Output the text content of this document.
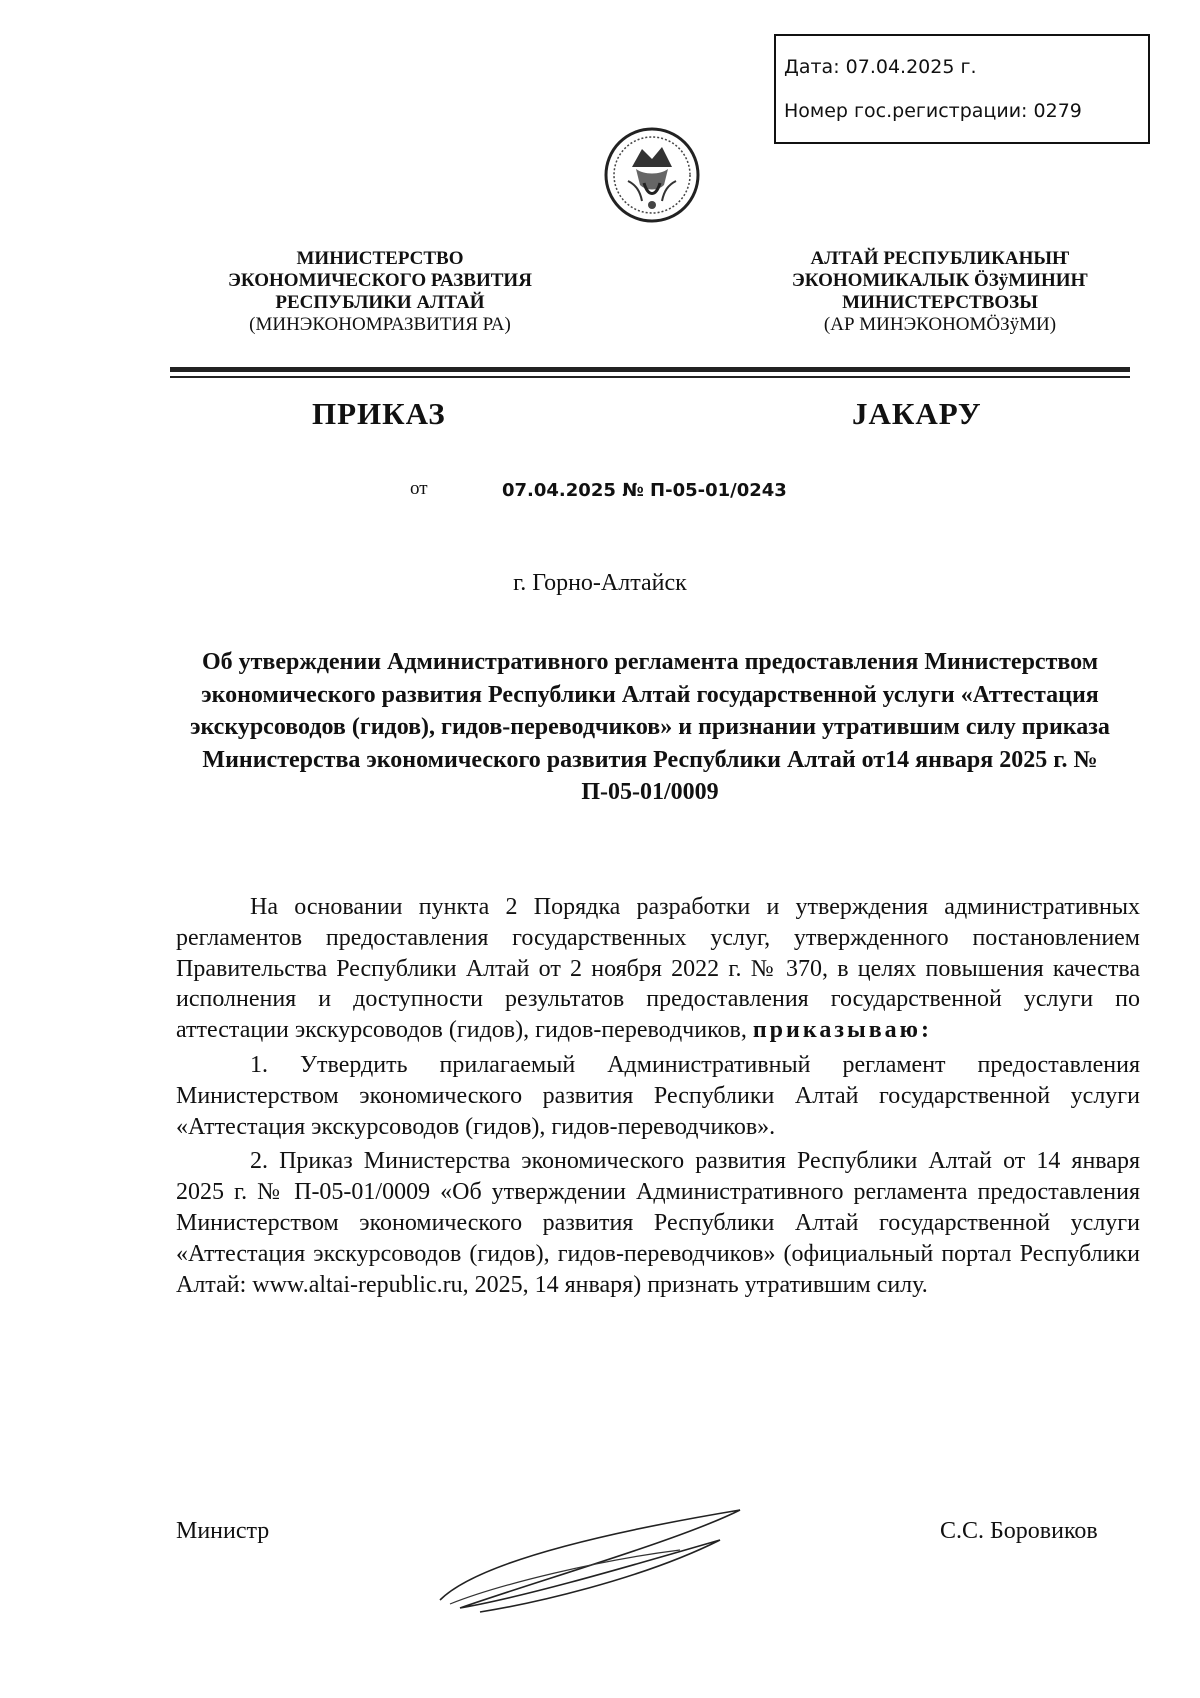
Дата: 07.04.2025 г.
Номер гос.регистрации: 0279
МИНИСТЕРСТВО
ЭКОНОМИЧЕСКОГО РАЗВИТИЯ
РЕСПУБЛИКИ АЛТАЙ
(МИНЭКОНОМРАЗВИТИЯ РА)
АЛТАЙ РЕСПУБЛИКАНЫҤ
ЭКОНОМИКАЛЫК ÖЗÿМИНИҤ
МИНИСТЕРСТВОЗЫ
(АР МИНЭКОНОМÖЗÿМИ)
ПРИКАЗ	JАКАРУ
от	07.04.2025 № П-05-01/0243
г. Горно-Алтайск
Об утверждении Административного регламента предоставления Министерством экономического развития Республики Алтай государственной услуги «Аттестация экскурсоводов (гидов), гидов-переводчиков» и признании утратившим силу приказа Министерства экономического развития Республики Алтай от14 января 2025 г. № П-05-01/0009

На основании пункта 2 Порядка разработки и утверждения административных регламентов предоставления государственных услуг, утвержденного постановлением Правительства Республики Алтай от 2 ноября 2022 г. № 370, в целях повышения качества исполнения и доступности результатов предоставления государственной услуги по аттестации экскурсоводов (гидов), гидов-переводчиков, приказываю:

1. Утвердить прилагаемый Административный регламент предоставления Министерством экономического развития Республики Алтай государственной услуги «Аттестация экскурсоводов (гидов), гидов-переводчиков».

2. Приказ Министерства экономического развития Республики Алтай от 14 января 2025 г. № П-05-01/0009 «Об утверждении Административного регламента предоставления Министерством экономического развития Республики Алтай государственной услуги «Аттестация экскурсоводов (гидов), гидов-переводчиков» (официальный портал Республики Алтай: www.altai-republic.ru, 2025, 14 января) признать утратившим силу.

Министр	С.С. Боровиков
